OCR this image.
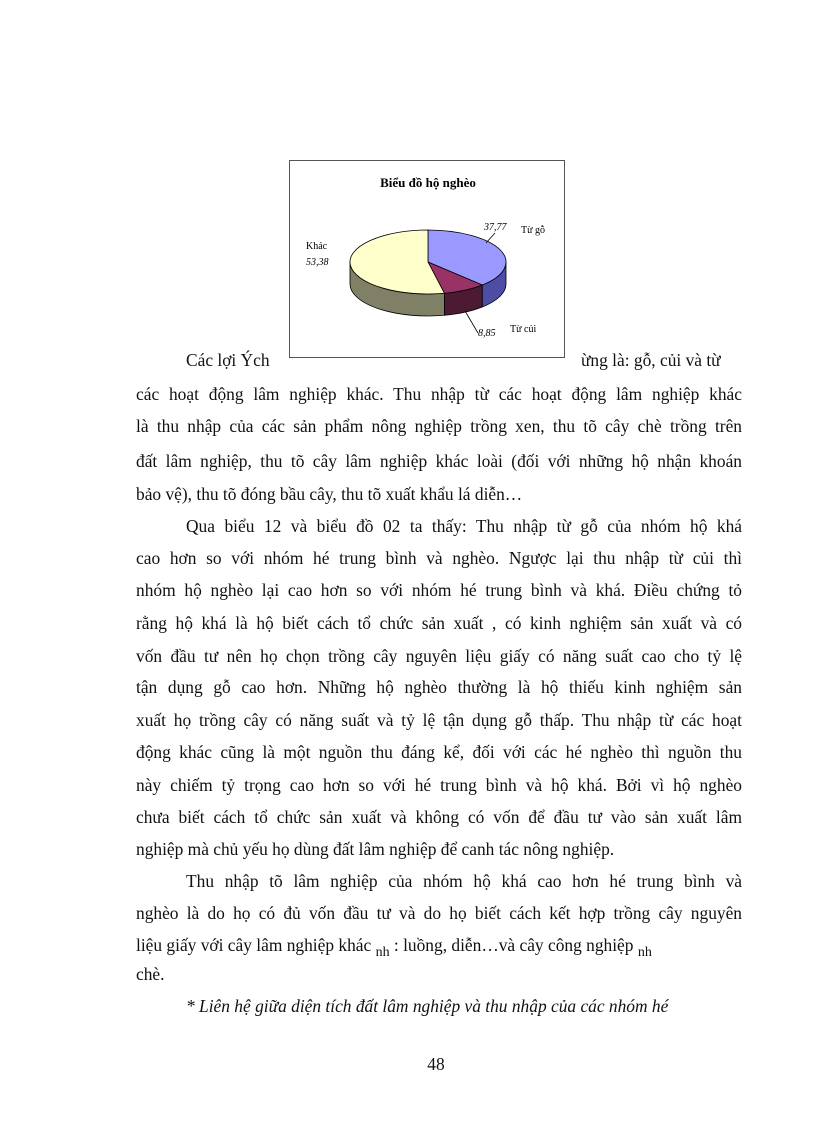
Biểu đồ hộ nghèo
37,77 Từ gỗ
8,85 Từ củi
Khác
53,38
Các lợi Ých	ừng là: gỗ, củi và từ
các hoạt động lâm nghiệp khác. Thu nhập từ các hoạt động lâm nghiệp khác
là thu nhập của các sản phẩm nông nghiệp trồng xen, thu tõ cây chè trồng trên
đất lâm nghiệp, thu tõ cây lâm nghiệp khác loài (đối với những hộ nhận khoán
bảo vệ), thu tõ đóng bầu cây, thu tõ xuất khẩu lá diễn…
Qua biểu 12 và biểu đồ 02 ta thấy: Thu nhập từ gỗ của nhóm hộ khá
cao hơn so với nhóm hé trung bình và nghèo. Ngược lại thu nhập từ củi thì
nhóm hộ nghèo lại cao hơn so với nhóm hé trung bình và khá. Điều chứng tỏ
rằng hộ khá là hộ biết cách tổ chức sản xuất , có kinh nghiệm sản xuất và có
vốn đầu tư nên họ chọn trồng cây nguyên liệu giấy có năng suất cao cho tỷ lệ
tận dụng gỗ cao hơn. Những hộ nghèo thường là hộ thiếu kinh nghiệm sản
xuất họ trồng cây có năng suất và tỷ lệ tận dụng gỗ thấp. Thu nhập từ các hoạt
động khác cũng là một nguồn thu đáng kể, đối với các hé nghèo thì nguồn thu
này chiếm tỷ trọng cao hơn so với hé trung bình và hộ khá. Bởi vì hộ nghèo
chưa biết cách tổ chức sản xuất và không có vốn để đầu tư vào sản xuất lâm
nghiệp mà chủ yếu họ dùng đất lâm nghiệp để canh tác nông nghiệp.
Thu nhập tõ lâm nghiệp của nhóm hộ khá cao hơn hé trung bình và
nghèo là do họ có đủ vốn đầu tư và do họ biết cách kết hợp trồng cây nguyên
liệu giấy với cây lâm nghiệp khác $_{nh}$ : luồng, diễn…và cây công nghiệp $_{nh}$
chè.
* Liên hệ giữa diện tích đất lâm nghiệp và thu nhập của các nhóm hé
48
